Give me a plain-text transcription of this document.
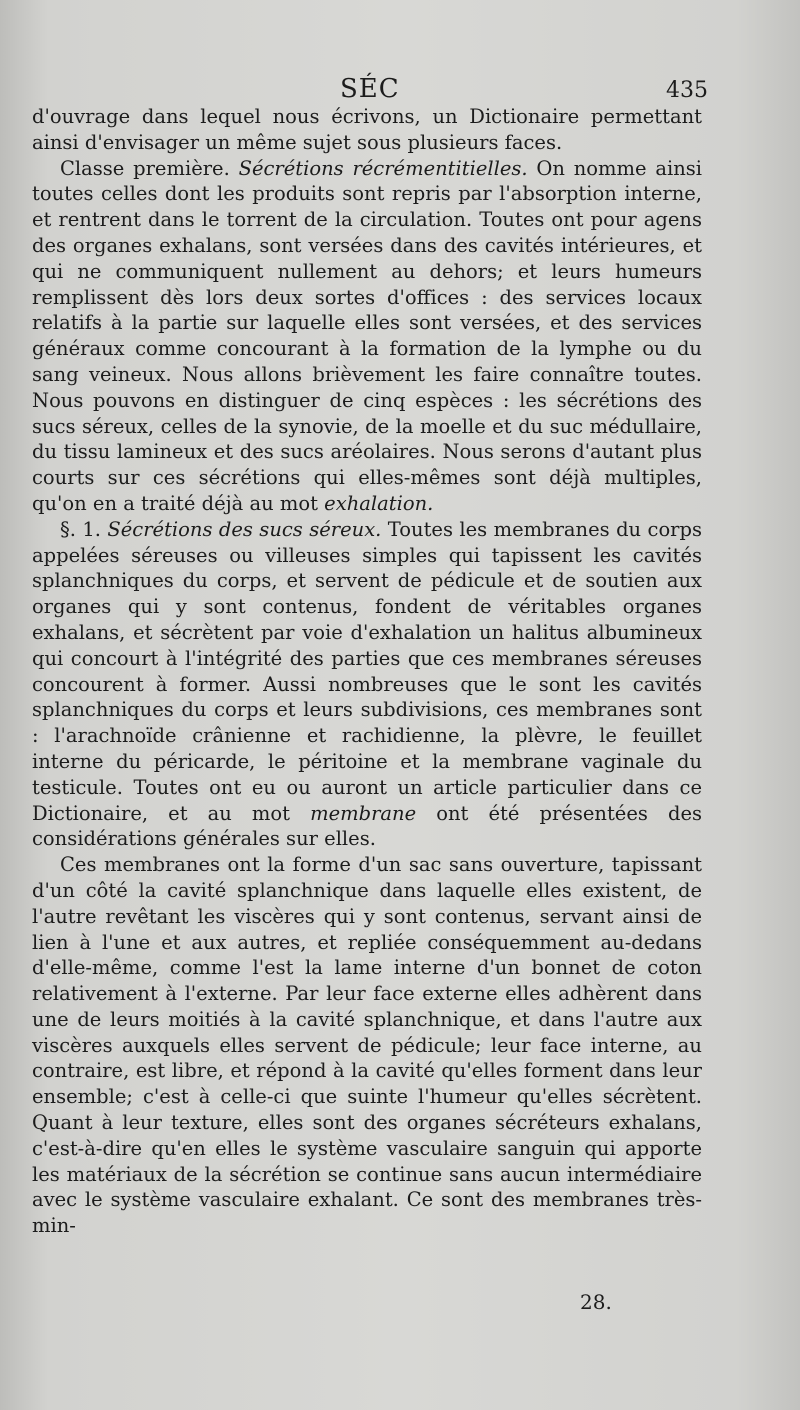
SÉC	435

d'ouvrage dans lequel nous écrivons, un Dictionaire permettant ainsi d'envisager un même sujet sous plusieurs faces.

Classe première. Sécrétions récrémentitielles. On nomme ainsi toutes celles dont les produits sont repris par l'absorption interne, et rentrent dans le torrent de la circulation. Toutes ont pour agens des organes exhalans, sont versées dans des cavités intérieures, et qui ne communiquent nullement au dehors; et leurs humeurs remplissent dès lors deux sortes d'offices : des services locaux relatifs à la partie sur laquelle elles sont versées, et des services généraux comme concourant à la formation de la lymphe ou du sang veineux. Nous allons brièvement les faire connaître toutes. Nous pouvons en distinguer de cinq espèces : les sécrétions des sucs séreux, celles de la synovie, de la moelle et du suc médullaire, du tissu lamineux et des sucs aréolaires. Nous serons d'autant plus courts sur ces sécrétions qui elles-mêmes sont déjà multiples, qu'on en a traité déjà au mot exhalation.

§. 1. Sécrétions des sucs séreux. Toutes les membranes du corps appelées séreuses ou villeuses simples qui tapissent les cavités splanchniques du corps, et servent de pédicule et de soutien aux organes qui y sont contenus, fondent de véritables organes exhalans, et sécrètent par voie d'exhalation un halitus albumineux qui concourt à l'intégrité des parties que ces membranes séreuses concourent à former. Aussi nombreuses que le sont les cavités splanchniques du corps et leurs subdivisions, ces membranes sont : l'arachnoïde crânienne et rachidienne, la plèvre, le feuillet interne du péricarde, le péritoine et la membrane vaginale du testicule. Toutes ont eu ou auront un article particulier dans ce Dictionaire, et au mot membrane ont été présentées des considérations générales sur elles.

Ces membranes ont la forme d'un sac sans ouverture, tapissant d'un côté la cavité splanchnique dans laquelle elles existent, de l'autre revêtant les viscères qui y sont contenus, servant ainsi de lien à l'une et aux autres, et repliée conséquemment au-dedans d'elle-même, comme l'est la lame interne d'un bonnet de coton relativement à l'externe. Par leur face externe elles adhèrent dans une de leurs moitiés à la cavité splanchnique, et dans l'autre aux viscères auxquels elles servent de pédicule; leur face interne, au contraire, est libre, et répond à la cavité qu'elles forment dans leur ensemble; c'est à celle-ci que suinte l'humeur qu'elles sécrètent. Quant à leur texture, elles sont des organes sécréteurs exhalans, c'est-à-dire qu'en elles le système vasculaire sanguin qui apporte les matériaux de la sécrétion se continue sans aucun intermédiaire avec le système vasculaire exhalant. Ce sont des membranes très-min-

28.
